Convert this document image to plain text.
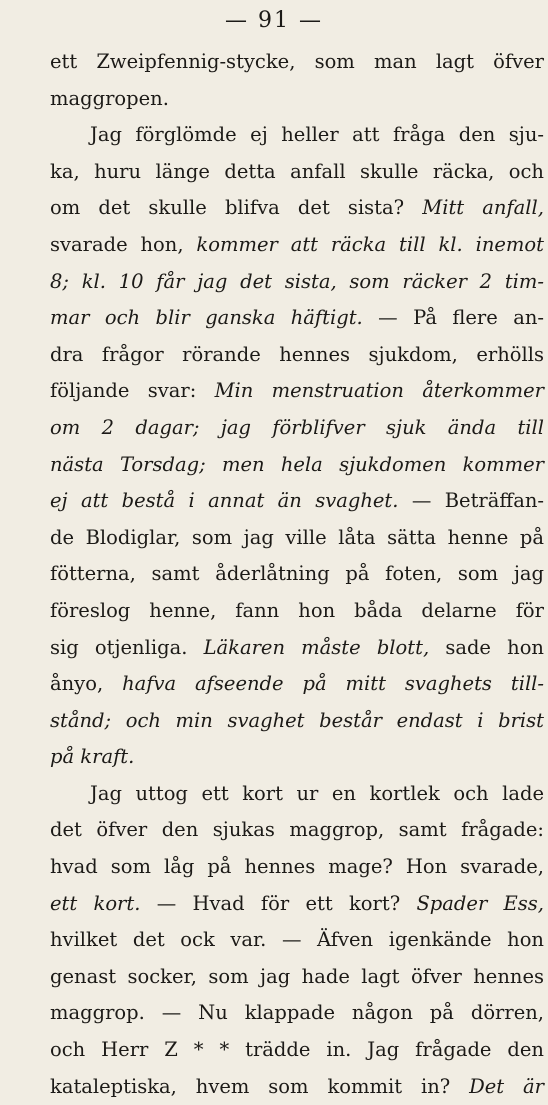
— 91 —
ett Zweipfennig-stycke, som man lagt öfver
maggropen.
Jag förglömde ej heller att fråga den sju-
ka, huru länge detta anfall skulle räcka, och
om det skulle blifva det sista? Mitt anfall,
svarade hon, kommer att räcka till kl. inemot
8; kl. 10 får jag det sista, som räcker 2 tim-
mar och blir ganska häftigt. — På flere an-
dra frågor rörande hennes sjukdom, erhölls
följande svar: Min menstruation återkommer
om 2 dagar; jag förblifver sjuk ända till
nästa Torsdag; men hela sjukdomen kommer
ej att bestå i annat än svaghet. — Beträffan-
de Blodiglar, som jag ville låta sätta henne på
fötterna, samt åderlåtning på foten, som jag
föreslog henne, fann hon båda delarne för
sig otjenliga. Läkaren måste blott, sade hon
ånyo, hafva afseende på mitt svaghets till-
stånd; och min svaghet består endast i brist
på kraft.
Jag uttog ett kort ur en kortlek och lade
det öfver den sjukas maggrop, samt frågade:
hvad som låg på hennes mage? Hon svarade,
ett kort. — Hvad för ett kort? Spader Ess,
hvilket det ock var. — Äfven igenkände hon
genast socker, som jag hade lagt öfver hennes
maggrop. — Nu klappade någon på dörren,
och Herr Z * * trädde in. Jag frågade den
kataleptiska, hvem som kommit in? Det är
